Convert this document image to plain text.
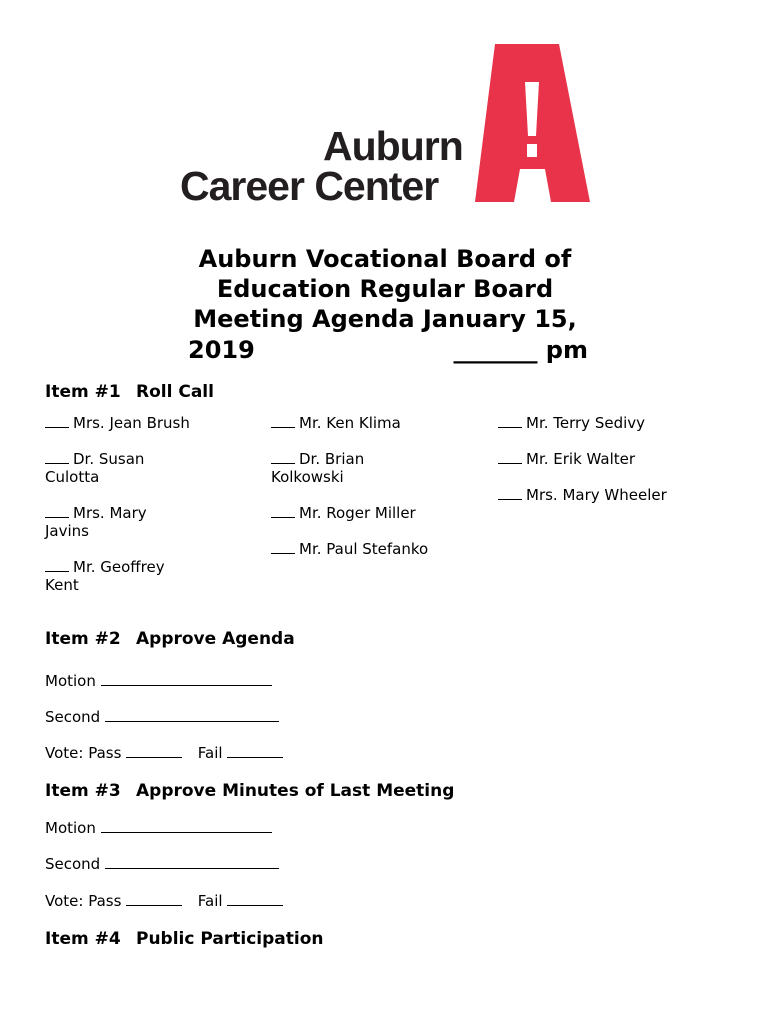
Auburn
Career Center
Auburn Vocational Board of
Education Regular Board
Meeting Agenda January 15,
2019	_______ pm
Item #1 Roll Call
Mrs. Jean Brush
Dr. Susan Culotta
Mrs. Mary Javins
Mr. Geoffrey Kent
Mr. Ken Klima
Dr. Brian Kolkowski
Mr. Roger Miller
Mr. Paul Stefanko
Mr. Terry Sedivy
Mr. Erik Walter
Mrs. Mary Wheeler
Item #2 Approve Agenda
Motion
Second
Vote: Pass	Fail
Item #3 Approve Minutes of Last Meeting
Motion
Second
Vote: Pass	Fail
Item #4 Public Participation
